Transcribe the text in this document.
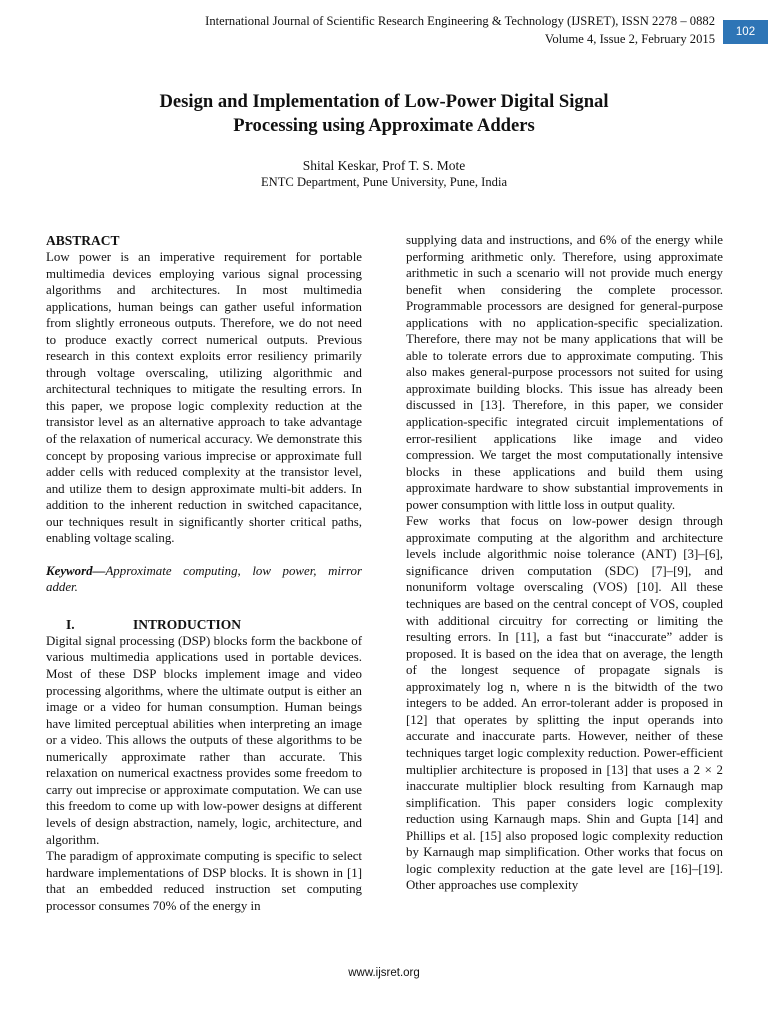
International Journal of Scientific Research Engineering & Technology (IJSRET), ISSN 2278 – 0882
Volume 4, Issue 2, February 2015	102
Design and Implementation of Low-Power Digital Signal
Processing using Approximate Adders
Shital Keskar, Prof T. S. Mote
ENTC Department, Pune University, Pune, India
ABSTRACT

Low power is an imperative requirement for portable multimedia devices employing various signal processing algorithms and architectures. In most multimedia applications, human beings can gather useful information from slightly erroneous outputs. Therefore, we do not need to produce exactly correct numerical outputs. Previous research in this context exploits error resiliency primarily through voltage overscaling, utilizing algorithmic and architectural techniques to mitigate the resulting errors. In this paper, we propose logic complexity reduction at the transistor level as an alternative approach to take advantage of the relaxation of numerical accuracy. We demonstrate this concept by proposing various imprecise or approximate full adder cells with reduced complexity at the transistor level, and utilize them to design approximate multi-bit adders. In addition to the inherent reduction in switched capacitance, our techniques result in significantly shorter critical paths, enabling voltage scaling.

Keyword—Approximate computing, low power, mirror adder.

I.	INTRODUCTION

Digital signal processing (DSP) blocks form the backbone of various multimedia applications used in portable devices. Most of these DSP blocks implement image and video processing algorithms, where the ultimate output is either an image or a video for human consumption. Human beings have limited perceptual abilities when interpreting an image or a video. This allows the outputs of these algorithms to be numerically approximate rather than accurate. This relaxation on numerical exactness provides some freedom to carry out imprecise or approximate computation. We can use this freedom to come up with low-power designs at different levels of design abstraction, namely, logic, architecture, and algorithm.

The paradigm of approximate computing is specific to select hardware implementations of DSP blocks. It is shown in [1] that an embedded reduced instruction set computing processor consumes 70% of the energy in

supplying data and instructions, and 6% of the energy while performing arithmetic only. Therefore, using approximate arithmetic in such a scenario will not provide much energy benefit when considering the complete processor. Programmable processors are designed for general-purpose applications with no application-specific specialization. Therefore, there may not be many applications that will be able to tolerate errors due to approximate computing. This also makes general-purpose processors not suited for using approximate building blocks. This issue has already been discussed in [13]. Therefore, in this paper, we consider application-specific integrated circuit implementations of error-resilient applications like image and video compression. We target the most computationally intensive blocks in these applications and build them using approximate hardware to show substantial improvements in power consumption with little loss in output quality.

Few works that focus on low-power design through approximate computing at the algorithm and architecture levels include algorithmic noise tolerance (ANT) [3]–[6], significance driven computation (SDC) [7]–[9], and nonuniform voltage overscaling (VOS) [10]. All these techniques are based on the central concept of VOS, coupled with additional circuitry for correcting or limiting the resulting errors. In [11], a fast but “inaccurate” adder is proposed. It is based on the idea that on average, the length of the longest sequence of propagate signals is approximately log n, where n is the bitwidth of the two integers to be added. An error-tolerant adder is proposed in [12] that operates by splitting the input operands into accurate and inaccurate parts. However, neither of these techniques target logic complexity reduction. Power-efficient multiplier architecture is proposed in [13] that uses a 2 × 2 inaccurate multiplier block resulting from Karnaugh map simplification. This paper considers logic complexity reduction using Karnaugh maps. Shin and Gupta [14] and Phillips et al. [15] also proposed logic complexity reduction by Karnaugh map simplification. Other works that focus on logic complexity reduction at the gate level are [16]–[19]. Other approaches use complexity

www.ijsret.org
